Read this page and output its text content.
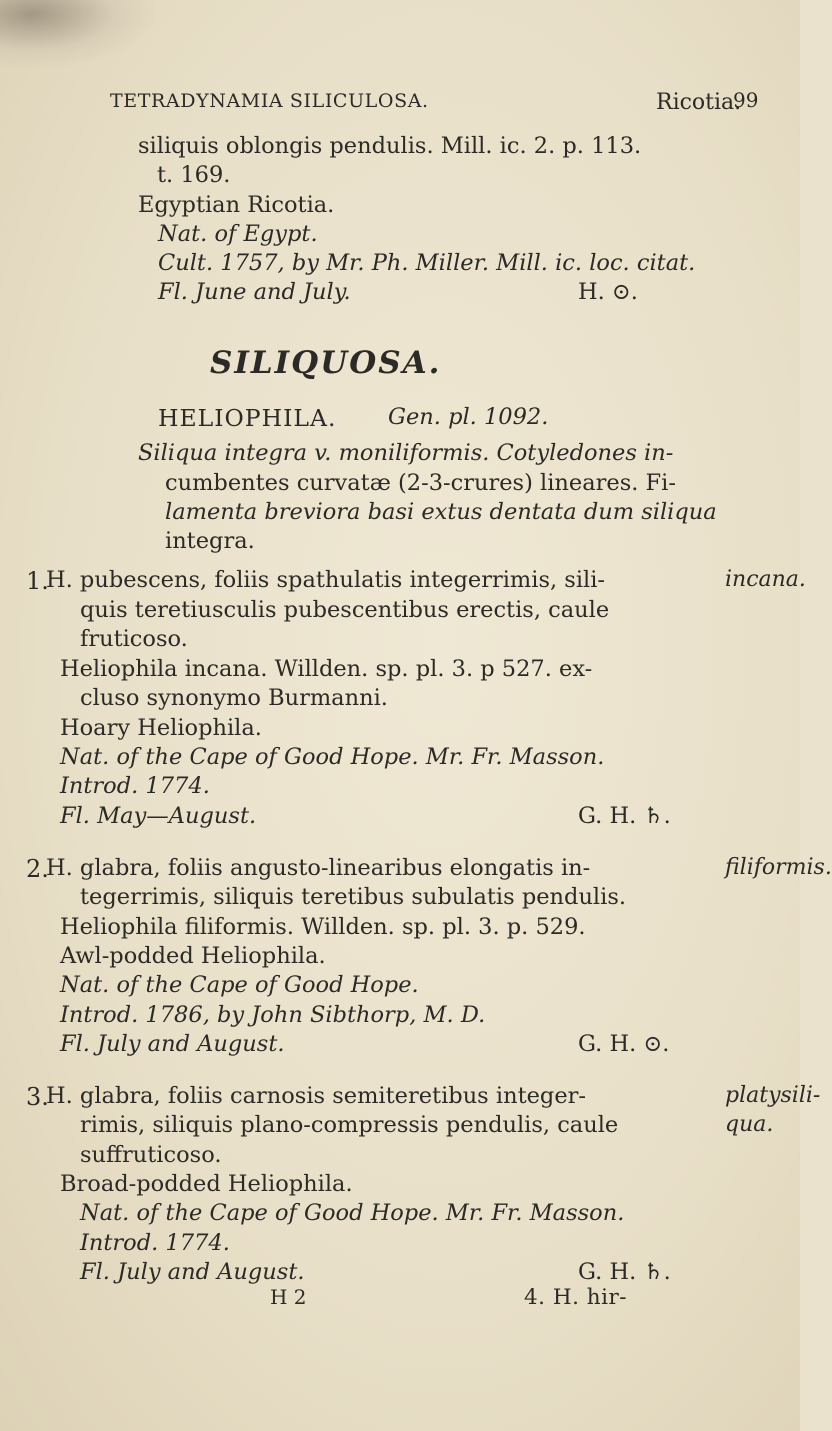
TETRADYNAMIA SILICULOSA.	Ricotia.
99
siliquis oblongis pendulis. Mill. ic. 2. p. 113.
t. 169.
Egyptian Ricotia.
Nat. of Egypt.
Cult. 1757, by Mr. Ph. Miller. Mill. ic. loc. citat.
Fl. June and July.	H. ⊙.
SILIQUOSA.
HELIOPHILA. Gen. pl. 1092.
Siliqua integra v. moniliformis. Cotyledones in-
cumbentes curvatæ (2-3-crures) lineares. Fi-
lamenta breviora basi extus dentata dum siliqua
integra.
1.	incana.
H. pubescens, foliis spathulatis integerrimis, sili-
quis teretiusculis pubescentibus erectis, caule
fruticoso.
Heliophila incana. Willden. sp. pl. 3. p 527. ex-
cluso synonymo Burmanni.
Hoary Heliophila.
Nat. of the Cape of Good Hope. Mr. Fr. Masson.
Introd. 1774.
Fl. May—August.	G. H. ♄.
2.	filiformis.
H. glabra, foliis angusto-linearibus elongatis in-
tegerrimis, siliquis teretibus subulatis pendulis.
Heliophila filiformis. Willden. sp. pl. 3. p. 529.
Awl-podded Heliophila.
Nat. of the Cape of Good Hope.
Introd. 1786, by John Sibthorp, M. D.
Fl. July and August.	G. H. ⊙.
3.	platysili-
qua.
H. glabra, foliis carnosis semiteretibus integer-
rimis, siliquis plano-compressis pendulis, caule
suffruticoso.
Broad-podded Heliophila.
Nat. of the Cape of Good Hope. Mr. Fr. Masson.
Introd. 1774.
Fl. July and August.	G. H. ♄.
H 2	4. H. hir-
